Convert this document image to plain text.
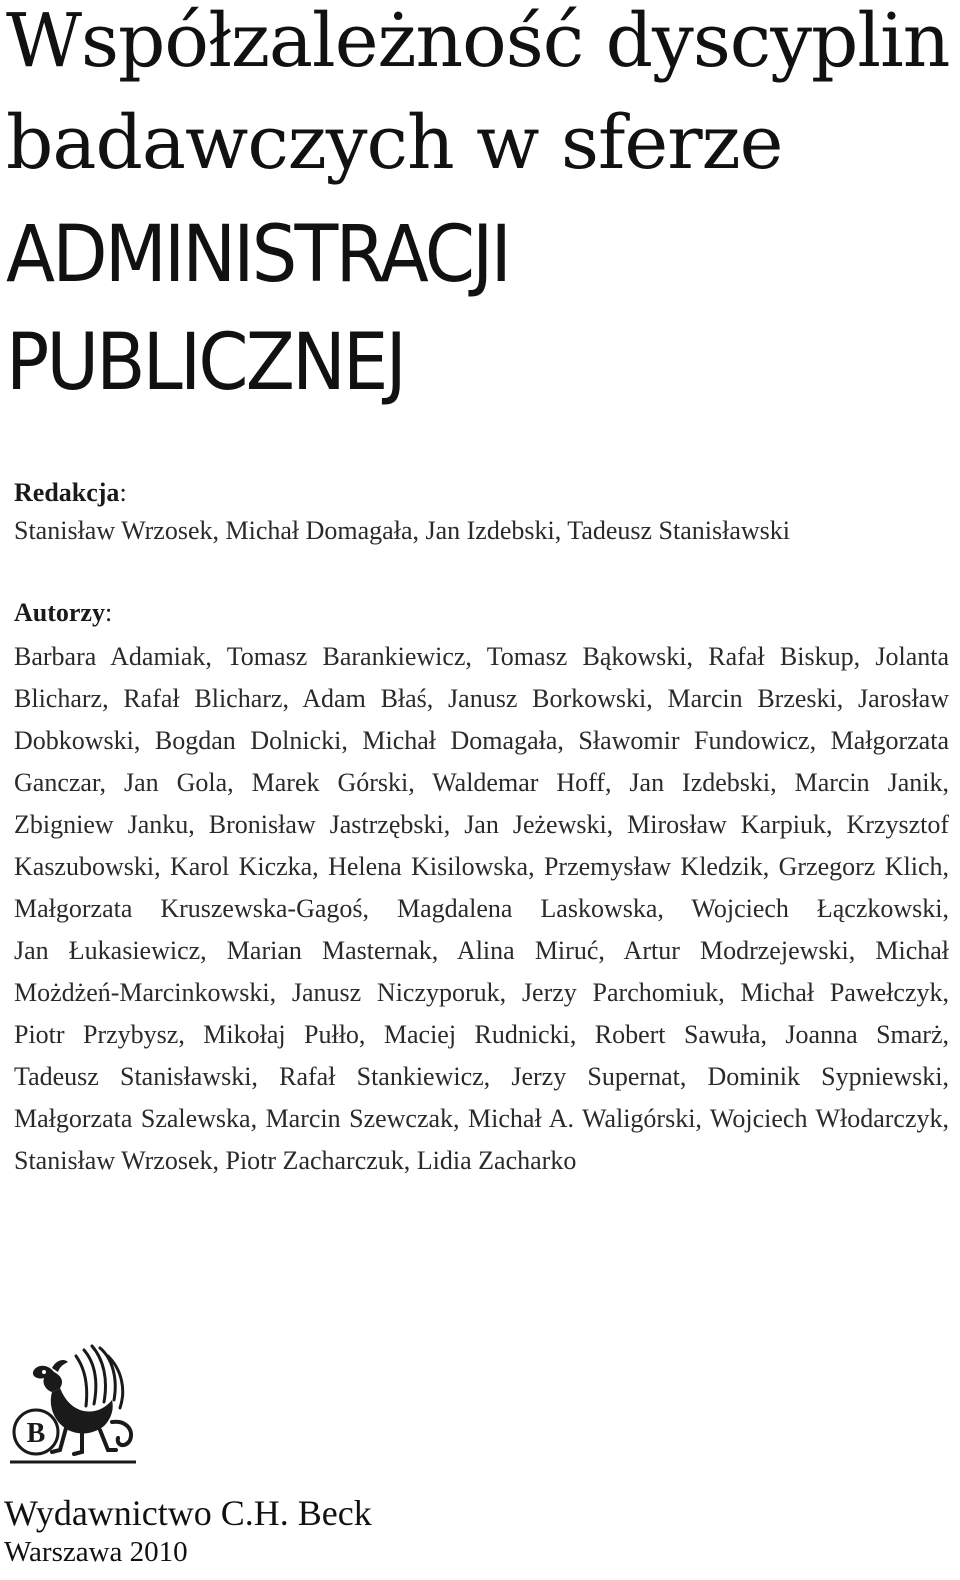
Współzależność dyscyplin
badawczych w sferze
ADMINISTRACJI
PUBLICZNEJ
Redakcja:

Stanisław Wrzosek, Michał Domagała, Jan Izdebski, Tadeusz Stanisławski

Autorzy:
Barbara Adamiak, Tomasz Barankiewicz, Tomasz Bąkowski, Rafał Biskup, Jolanta
Blicharz, Rafał Blicharz, Adam Błaś, Janusz Borkowski, Marcin Brzeski, Jarosław
Dobkowski, Bogdan Dolnicki, Michał Domagała, Sławomir Fundowicz, Małgorzata
Ganczar, Jan Gola, Marek Górski, Waldemar Hoff, Jan Izdebski, Marcin Janik,
Zbigniew Janku, Bronisław Jastrzębski, Jan Jeżewski, Mirosław Karpiuk, Krzysztof
Kaszubowski, Karol Kiczka, Helena Kisilowska, Przemysław Kledzik, Grzegorz Klich,
Małgorzata Kruszewska-Gagoś, Magdalena Laskowska, Wojciech Łączkowski,
Jan Łukasiewicz, Marian Masternak, Alina Miruć, Artur Modrzejewski, Michał
Możdżeń-Marcinkowski, Janusz Niczyporuk, Jerzy Parchomiuk, Michał Pawełczyk,
Piotr Przybysz, Mikołaj Pułło, Maciej Rudnicki, Robert Sawuła, Joanna Smarż,
Tadeusz Stanisławski, Rafał Stankiewicz, Jerzy Supernat, Dominik Sypniewski,
Małgorzata Szalewska, Marcin Szewczak, Michał A. Waligórski, Wojciech Włodarczyk,
Stanisław Wrzosek, Piotr Zacharczuk, Lidia Zacharko
B

Wydawnictwo C.H. Beck

Warszawa 2010
